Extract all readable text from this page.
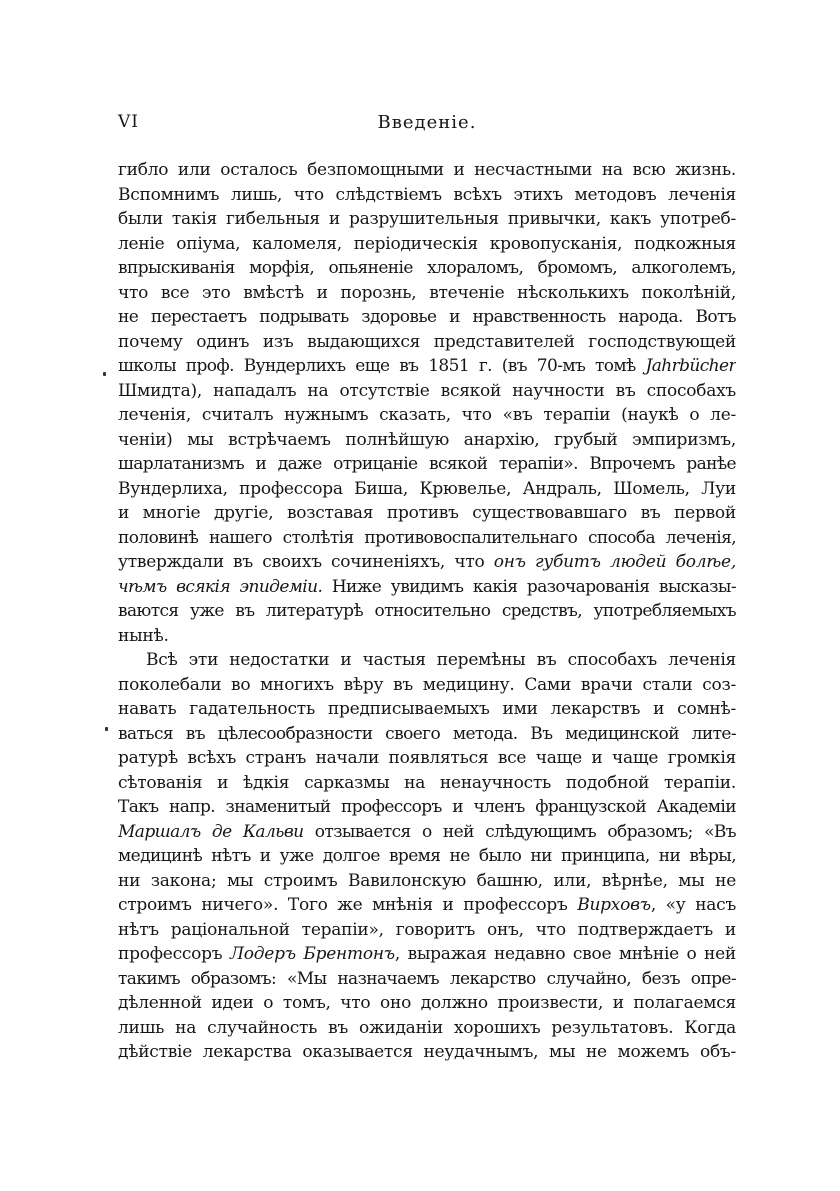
VI	Введеніе.
гибло или осталось безпомощными и несчастными на всю жизнь.
Вспомнимъ лишь, что слѣдствіемъ всѣхъ этихъ методовъ леченія
были такія гибельныя и разрушительныя привычки, какъ употреб-
леніе опіума, каломеля, періодическія кровопусканія, подкожныя
впрыскиванія морфія, опьяненіе хлораломъ, бромомъ, алкоголемъ,
что все это вмѣстѣ и порознь, втеченіе нѣсколькихъ поколѣній,
не перестаетъ подрывать здоровье и нравственность народа. Вотъ
почему одинъ изъ выдающихся представителей господствующей
школы проф. Вундерлихъ еще въ 1851 г. (въ 70-мъ томѣ Jahrbücher
Шмидта), нападалъ на отсутствіе всякой научности въ способахъ
леченія, считалъ нужнымъ сказать, что «въ терапіи (наукѣ о ле-
ченіи) мы встрѣчаемъ полнѣйшую анархію, грубый эмпиризмъ,
шарлатанизмъ и даже отрицаніе всякой терапіи». Впрочемъ ранѣе
Вундерлиха, профессора Биша, Крювелье, Андраль, Шомель, Луи
и многіе другіе, возставая противъ существовавшаго въ первой
половинѣ нашего столѣтія противовоспалительнаго способа леченія,
утверждали въ своихъ сочиненіяхъ, что онъ губитъ людей болѣе,
чѣмъ всякія эпидеміи. Ниже увидимъ какія разочарованія высказы-
ваются уже въ литературѣ относительно средствъ, употребляемыхъ
нынѣ.
Всѣ эти недостатки и частыя перемѣны въ способахъ леченія
поколебали во многихъ вѣру въ медицину. Сами врачи стали соз-
навать гадательность предписываемыхъ ими лекарствъ и сомнѣ-
ваться въ цѣлесообразности своего метода. Въ медицинской лите-
ратурѣ всѣхъ странъ начали появляться все чаще и чаще громкія
сѣтованія и ѣдкія сарказмы на ненаучность подобной терапіи.
Такъ напр. знаменитый профессоръ и членъ французской Академіи
Маршалъ де Кальви отзывается о ней слѣдующимъ образомъ; «Въ
медицинѣ нѣтъ и уже долгое время не было ни принципа, ни вѣры,
ни закона; мы строимъ Вавилонскую башню, или, вѣрнѣе, мы не
строимъ ничего». Того же мнѣнія и профессоръ Вирховъ, «у насъ
нѣтъ раціональной терапіи», говоритъ онъ, что подтверждаетъ и
профессоръ Лодеръ Брентонъ, выражая недавно свое мнѣніе о ней
такимъ образомъ: «Мы назначаемъ лекарство случайно, безъ опре-
дѣленной идеи о томъ, что оно должно произвести, и полагаемся
лишь на случайность въ ожиданіи хорошихъ результатовъ. Когда
дѣйствіе лекарства оказывается неудачнымъ, мы не можемъ объ-
